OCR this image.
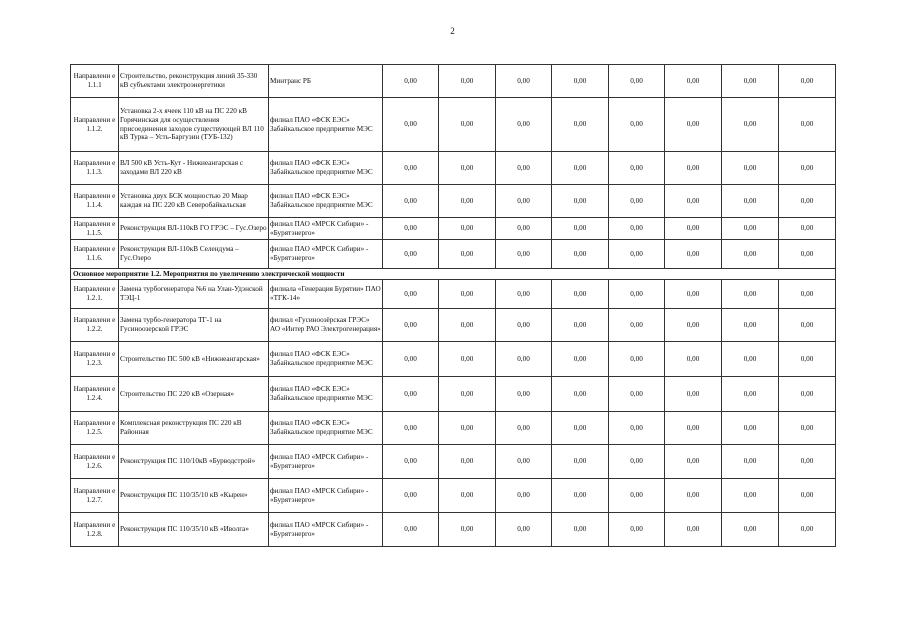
2
Направлени е 1.1.1	Строительство, реконструкция линий 35-330 кВ субъектами электроэнергетики	Минтранс РБ	0,00	0,00	0,00	0,00	0,00	0,00	0,00	0,00
Направлени е 1.1.2.	Установка 2-х ячеек 110 кВ на ПС 220 кВ Горячинская для осуществления присоединения заходов существующей ВЛ 110 кВ Турка – Усть-Баргузин (ТУБ-132)	филиал ПАО «ФСК ЕЭС» Забайкальское предприятие МЭС	0,00	0,00	0,00	0,00	0,00	0,00	0,00	0,00
Направлени е 1.1.3.	ВЛ 500 кВ Усть-Кут - Нижнеангарская с заходами ВЛ 220 кВ	филиал ПАО «ФСК ЕЭС» Забайкальское предприятие МЭС	0,00	0,00	0,00	0,00	0,00	0,00	0,00	0,00
Направлени е 1.1.4.	Установка двух БСК мощностью 20 Мвар каждая на ПС 220 кВ Северобайкальская	филиал ПАО «ФСК ЕЭС» Забайкальское предприятие МЭС	0,00	0,00	0,00	0,00	0,00	0,00	0,00	0,00
Направлени е 1.1.5.	Реконструкция ВЛ-110кВ ГО ГРЭС – Гус.Озеро	филиал ПАО «МРСК Сибири» - «Бурятэнерго»	0,00	0,00	0,00	0,00	0,00	0,00	0,00	0,00
Направлени е 1.1.6.	Реконструкция ВЛ-110кВ Селендума – Гус.Озеро	филиал ПАО «МРСК Сибири» - «Бурятэнерго»	0,00	0,00	0,00	0,00	0,00	0,00	0,00	0,00
Основное мероприятие 1.2. Мероприятия по увеличению электрической мощности										
Направлени е 1.2.1.	Замена турбогенератора №6 на Улан-Удэнской ТЭЦ-1	филиала «Генерация Бурятии» ПАО «ТГК-14»	0,00	0,00	0,00	0,00	0,00	0,00	0,00	0,00
Направлени е 1.2.2.	Замена турбо-генератора ТГ-1 на Гусиноозерской ГРЭС	филиал «Гусиноозёрская ГРЭС» АО «Интер РАО Электрогенерация»	0,00	0,00	0,00	0,00	0,00	0,00	0,00	0,00
Направлени е 1.2.3.	Строительство ПС 500 кВ «Нижнеангарская»	филиал ПАО «ФСК ЕЭС» Забайкальское предприятие МЭС	0,00	0,00	0,00	0,00	0,00	0,00	0,00	0,00
Направлени е 1.2.4.	Строительство ПС 220 кВ «Озерная»	филиал ПАО «ФСК ЕЭС» Забайкальское предприятие МЭС	0,00	0,00	0,00	0,00	0,00	0,00	0,00	0,00
Направлени е 1.2.5.	Комплексная реконструкция ПС 220 кВ Районная	филиал ПАО «ФСК ЕЭС» Забайкальское предприятие МЭС	0,00	0,00	0,00	0,00	0,00	0,00	0,00	0,00
Направлени е 1.2.6.	Реконструкция ПС 110/10кВ «Бурводстрой»	филиал ПАО «МРСК Сибири» - «Бурятэнерго»	0,00	0,00	0,00	0,00	0,00	0,00	0,00	0,00
Направлени е 1.2.7.	Реконструкция ПС 110/35/10 кВ «Кырен»	филиал ПАО «МРСК Сибири» - «Бурятэнерго»	0,00	0,00	0,00	0,00	0,00	0,00	0,00	0,00
Направлени е 1.2.8.	Реконструкция ПС 110/35/10 кВ «Иволга»	филиал ПАО «МРСК Сибири» - «Бурятэнерго»	0,00	0,00	0,00	0,00	0,00	0,00	0,00	0,00
